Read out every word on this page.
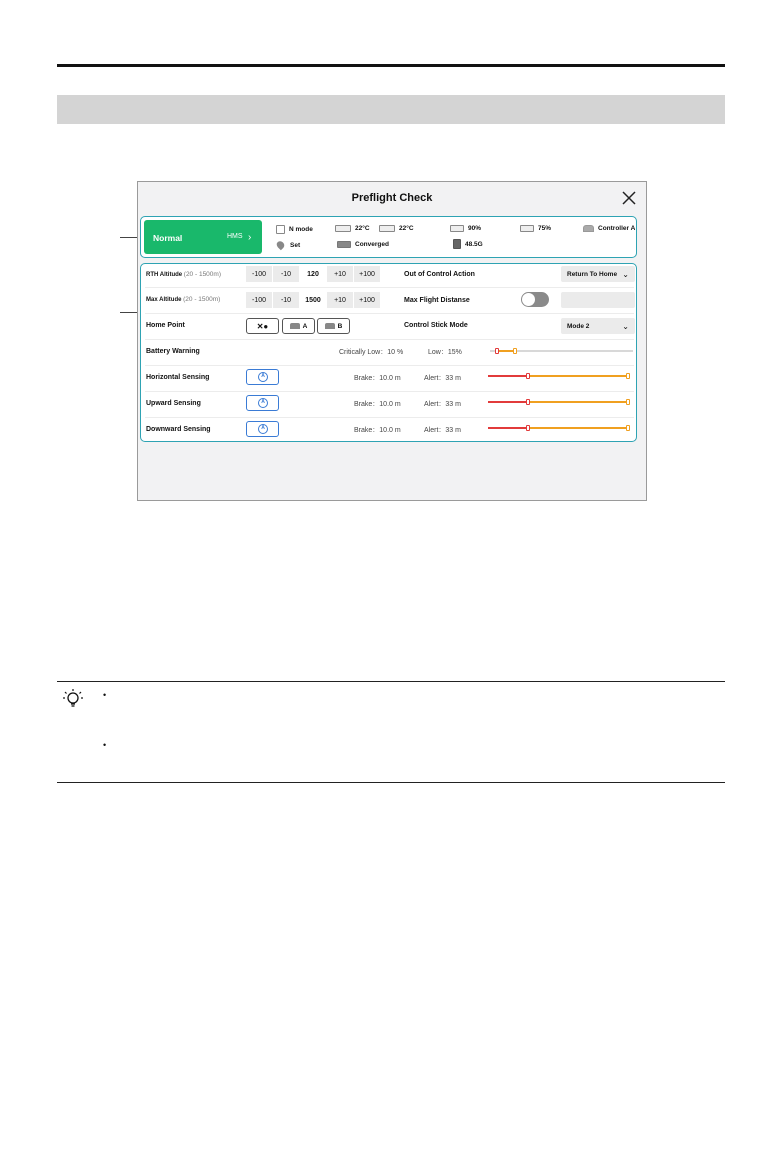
Preflight Check
Normal	HMS ›
N mode	22°C	22°C	90%	75%	Controller A
Set	Converged	48.5G
RTH Altitude (20 - 1500m)	-100	-10	120	+10	+100	Out of Control Action	Return To Home ⌄
Max Altitude (20 - 1500m)	-100	-10	1500	+10	+100	Max Flight Distanse
Home Point	✕●	A	B	Control Stick Mode	Mode 2	⌄
Battery Warning	Critically Low：10 %	Low：15%
Horizontal Sensing	A	Brake：10.0 m	Alert：33 m
Upward Sensing	A	Brake：10.0 m	Alert：33 m
Downward Sensing	A	Brake：10.0 m	Alert：33 m
•
•
